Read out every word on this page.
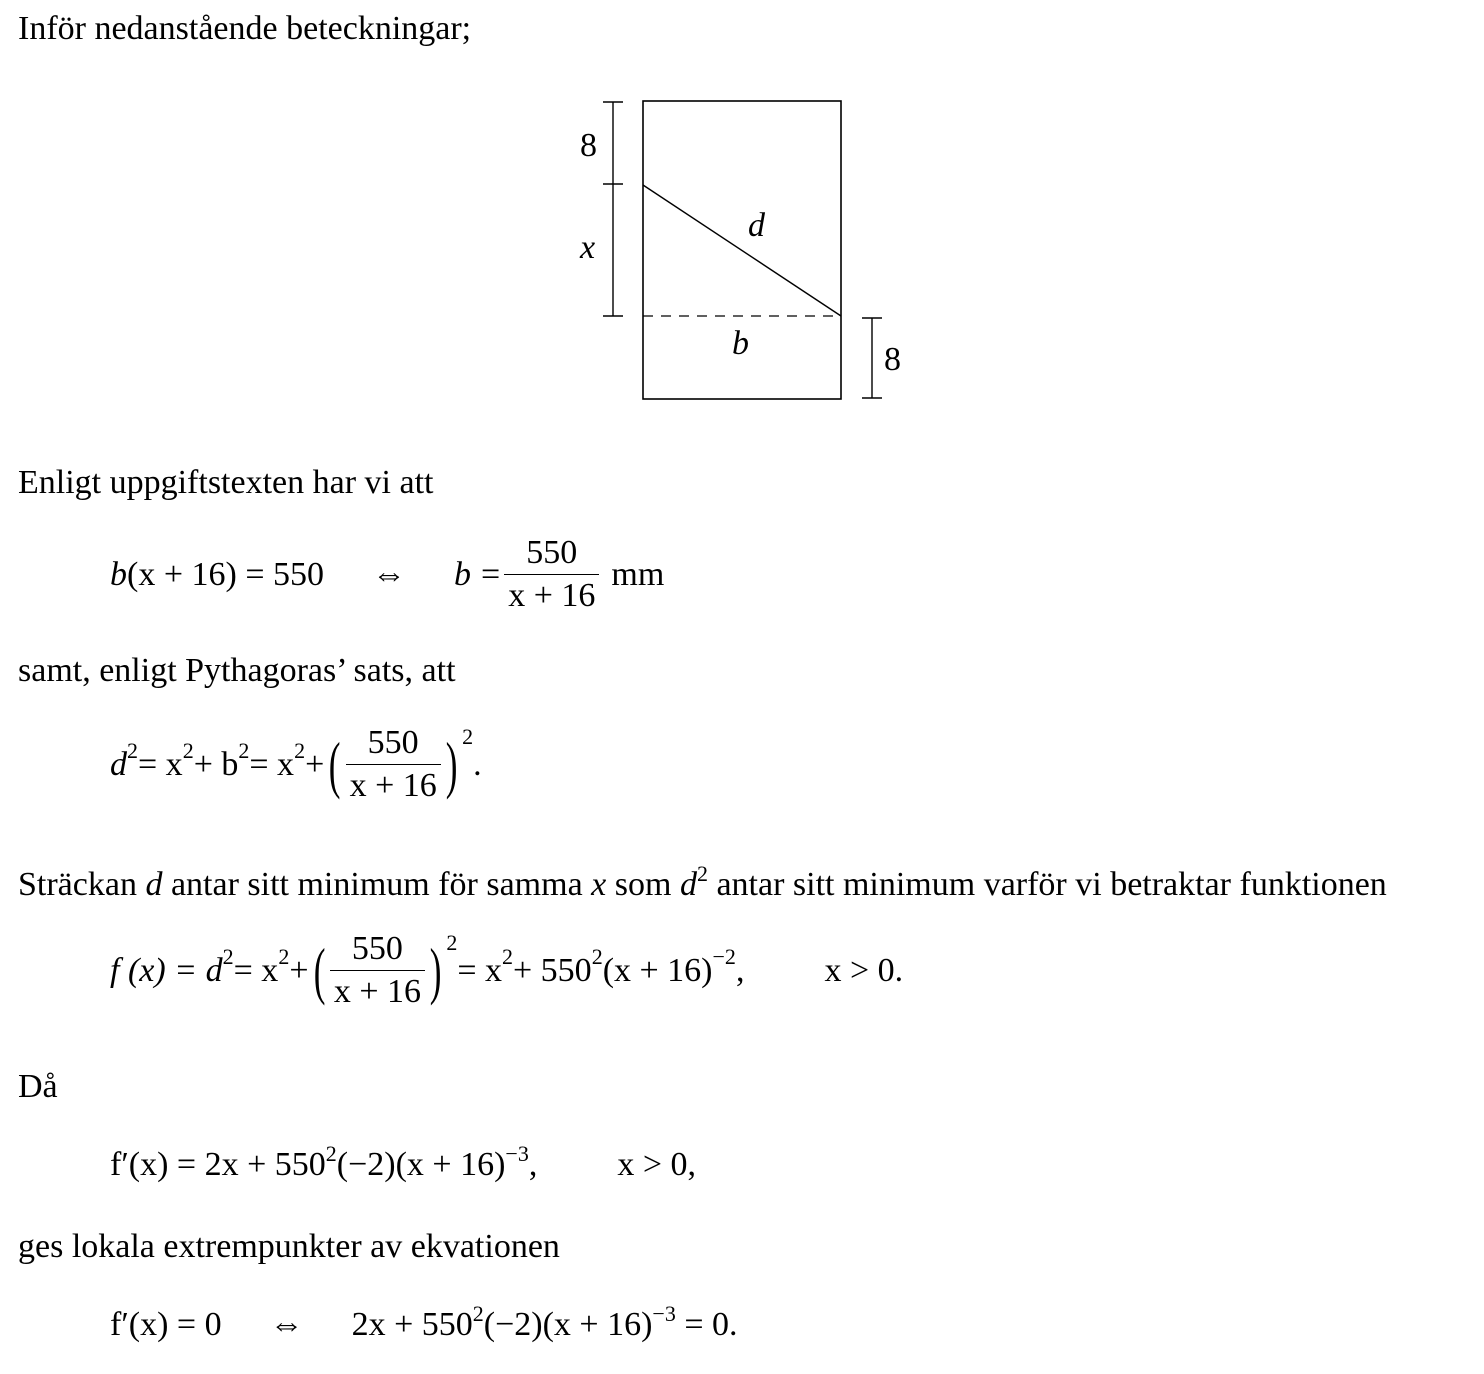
Inför nedanstående beteckningar;
8
x
d
b	8
Enligt uppgiftstexten har vi att
b (x + 16) = 550 ⇔ $b = \frac{550}{x + 16}$ mm
samt, enligt Pythagoras’ sats, att
$d^2 = x^2 + b^2 = x^2$ + ( $\frac{550}{x + 16} )^2$
.
Sträckan d antar sitt minimum för samma x som $d^2$ antar sitt minimum varför vi betraktar funktionen
f $(x) = d^2 = x^2$ + ( $\frac{550}{x + 16} )^2$
= $x^2 + 550^2$ $(x + 16)^{-2}$ , x > 0.
Då
$f'(x) = 2x + 550^2(-2)(x + 16)^{-3}$, x > 0,
ges lokala extrempunkter av ekvationen
f′(x) = 0 ⇔ $2x + 550^2(-2)(x + 16)^{-3} = 0$.
